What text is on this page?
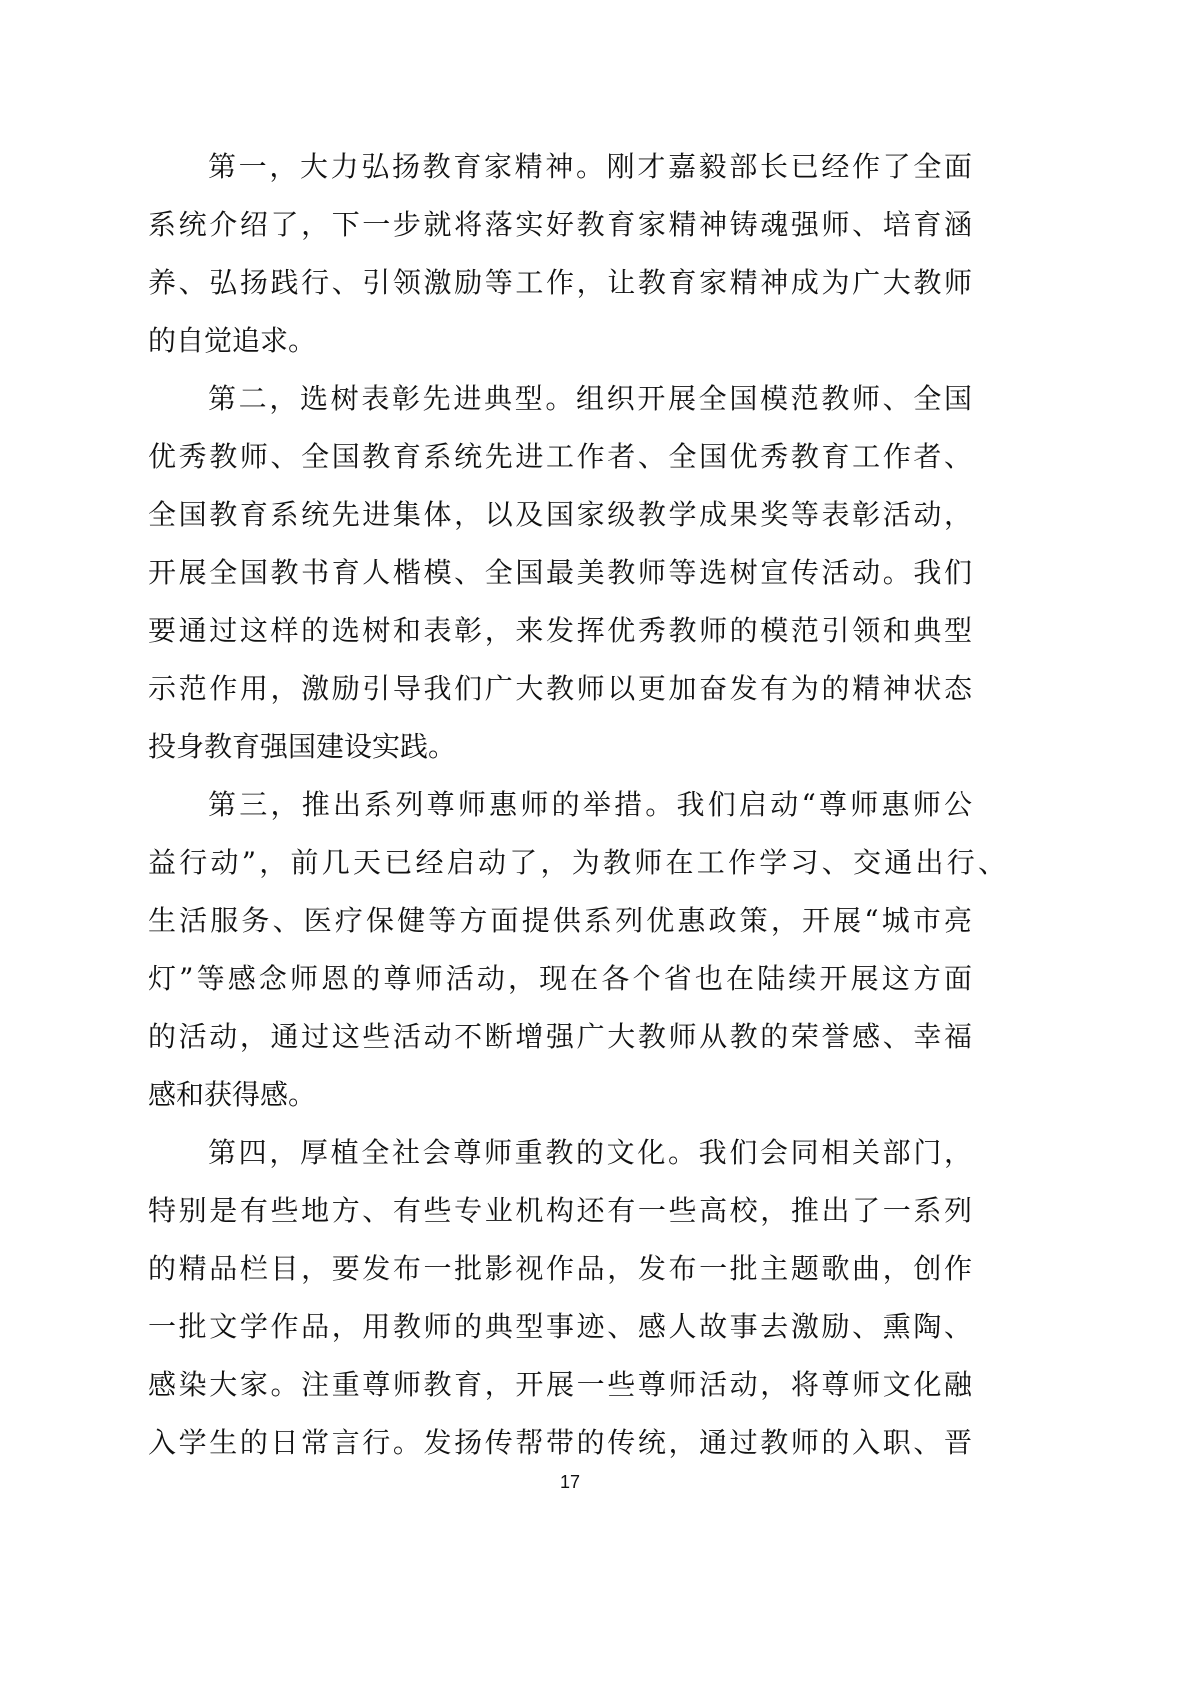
第一，大力弘扬教育家精神。刚才嘉毅部长已经作了全面
系统介绍了，下一步就将落实好教育家精神铸魂强师、培育涵
养、弘扬践行、引领激励等工作，让教育家精神成为广大教师
的自觉追求。
第二，选树表彰先进典型。组织开展全国模范教师、全国
优秀教师、全国教育系统先进工作者、全国优秀教育工作者、
全国教育系统先进集体，以及国家级教学成果奖等表彰活动，
开展全国教书育人楷模、全国最美教师等选树宣传活动。我们
要通过这样的选树和表彰，来发挥优秀教师的模范引领和典型
示范作用，激励引导我们广大教师以更加奋发有为的精神状态
投身教育强国建设实践。
第三，推出系列尊师惠师的举措。我们启动“尊师惠师公
益行动”，前几天已经启动了，为教师在工作学习、交通出行、
生活服务、医疗保健等方面提供系列优惠政策，开展“城市亮
灯”等感念师恩的尊师活动，现在各个省也在陆续开展这方面
的活动，通过这些活动不断增强广大教师从教的荣誉感、幸福
感和获得感。
第四，厚植全社会尊师重教的文化。我们会同相关部门，
特别是有些地方、有些专业机构还有一些高校，推出了一系列
的精品栏目，要发布一批影视作品，发布一批主题歌曲，创作
一批文学作品，用教师的典型事迹、感人故事去激励、熏陶、
感染大家。注重尊师教育，开展一些尊师活动，将尊师文化融
入学生的日常言行。发扬传帮带的传统，通过教师的入职、晋
17
